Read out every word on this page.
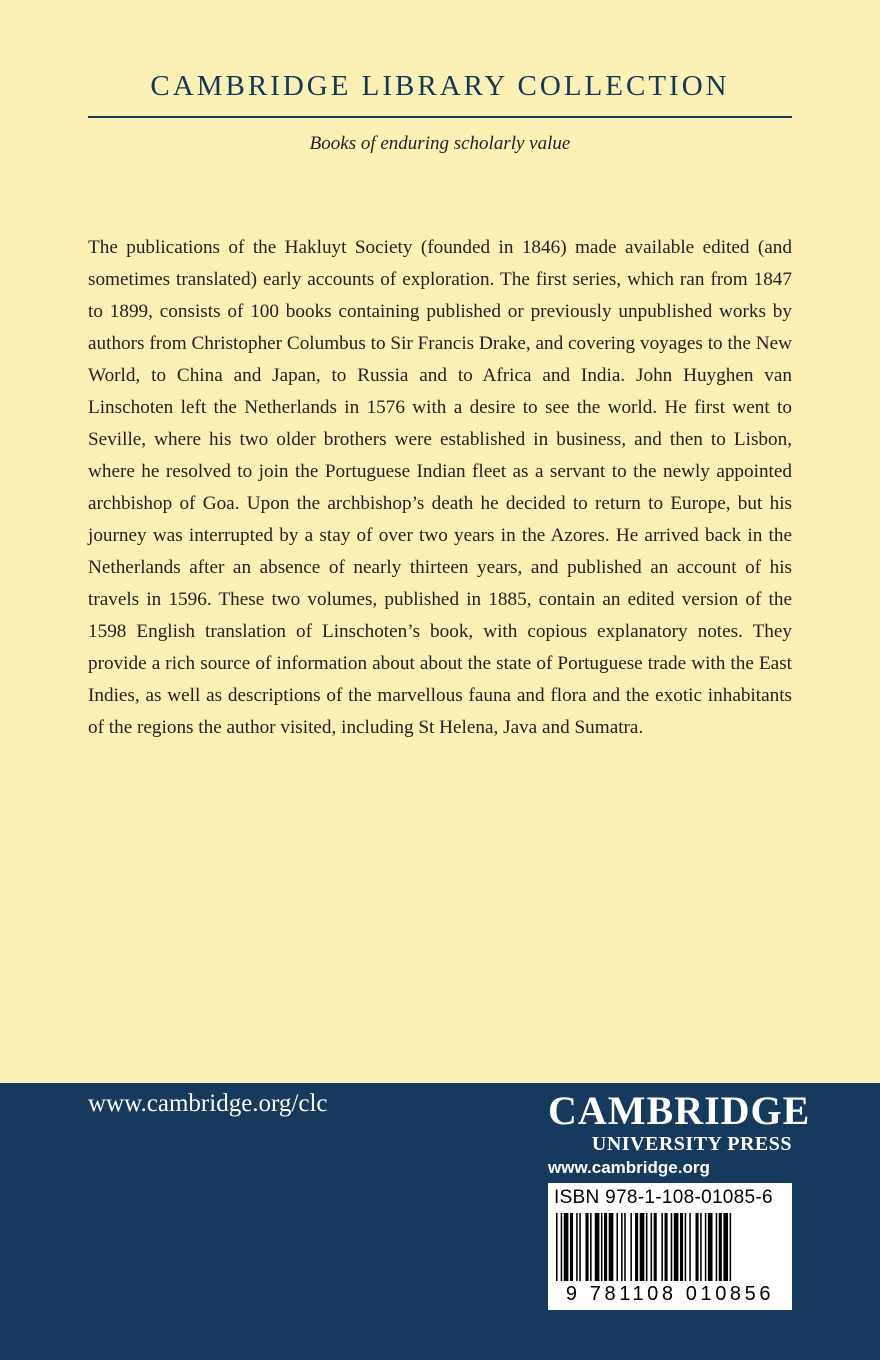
CAMBRIDGE LIBRARY COLLECTION
Books of enduring scholarly value

The publications of the Hakluyt Society (founded in 1846) made available edited (and sometimes translated) early accounts of exploration. The first series, which ran from 1847 to 1899, consists of 100 books containing published or previously unpublished works by authors from Christopher Columbus to Sir Francis Drake, and covering voyages to the New World, to China and Japan, to Russia and to Africa and India. John Huyghen van Linschoten left the Netherlands in 1576 with a desire to see the world. He first went to Seville, where his two older brothers were established in business, and then to Lisbon, where he resolved to join the Portuguese Indian fleet as a servant to the newly appointed archbishop of Goa. Upon the archbishop’s death he decided to return to Europe, but his journey was interrupted by a stay of over two years in the Azores. He arrived back in the Netherlands after an absence of nearly thirteen years, and published an account of his travels in 1596. These two volumes, published in 1885, contain an edited version of the 1598 English translation of Linschoten’s book, with copious explanatory notes. They provide a rich source of information about about the state of Portuguese trade with the East Indies, as well as descriptions of the marvellous fauna and flora and the exotic inhabitants of the regions the author visited, including St Helena, Java and Sumatra.

www.cambridge.org/clc	CAMBRIDGE
UNIVERSITY PRESS
www.cambridge.org
ISBN 978-1-108-01085-6
9 781108 010856
